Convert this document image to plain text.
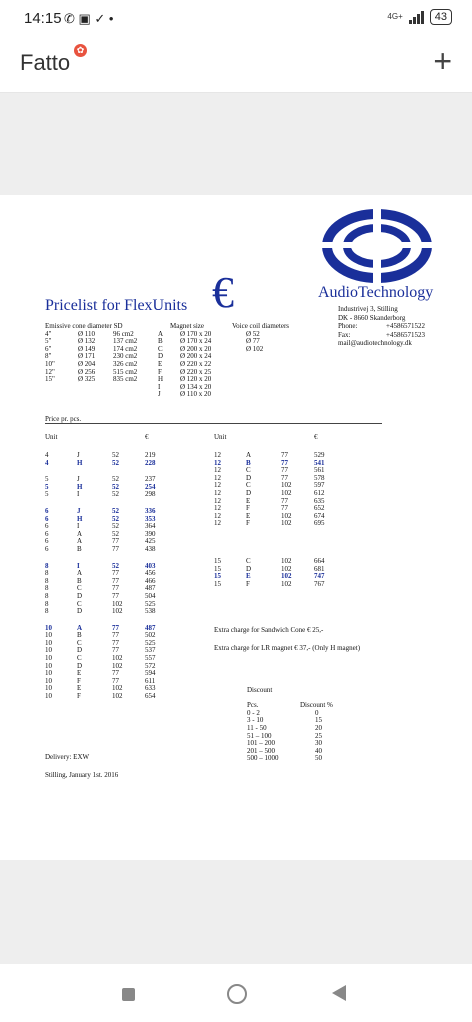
14:15 ✆ ▣ ✓ •	4G+	43
Fatto ✿	+
AudioTechnology
Industrivej 3, Stilling
DK - 8660 Skanderborg
Phone:	+4586571522
Fax:	+4586571523
mail@audiotechnology.dk
€
Pricelist for FlexUnits
Emissive cone diameter SD
4"	Ø 110	96 cm2
5"	Ø 132	137 cm2
6"	Ø 149	174 cm2
8"	Ø 171	230 cm2
10"	Ø 204	326 cm2
12"	Ø 256	515 cm2
15"	Ø 325	835 cm2
Magnet size
A Ø 170 x 20
B Ø 170 x 24
C Ø 200 x 20
D Ø 200 x 24
E	Ø 220 x 22
F	Ø 220 x 25
H Ø 120 x 20
I	Ø 134 x 20
J	Ø 110 x 20
Voice coil diameters
Ø 52
Ø 77
Ø 102
Price pr. pcs.
Unit	€	Unit	€
4	J	52	219
4	H	52	228
5	J	52	237
5	H	52	254
5	I	52	298
6	J	52	336
6	H	52	353
6	I	52	364
6	A	52	390
6	A	77	425
6	B	77	438
8	I	52	403
8	A	77	456
8	B	77	466
8	C	77	487
8	D	77	504
8	C	102	525
8	D	102	538
10	A	77	487
10	B	77	502
10	C	77	525
10	D	77	537
10	C	102	557
10	D	102	572
10	E	77	594
10	F	77	611
10	E	102	633
10	F	102	654
12	A	77	529
12	B	77	541
12	C	77	561
12	D	77	578
12	C	102	597
12	D	102	612
12	E	77	635
12	F	77	652
12	E	102	674
12	F	102	695
15	C	102	664
15	D	102	681
15	E	102	747
15	F	102	767
Extra charge for Sandwich Cone € 25,-
Extra charge for LR magnet € 37,- (Only H magnet)
Discount
Pcs.	Discount %
0 - 2	0
3 - 10	15
11 - 50	20
51 – 100	25
101 – 200	30
201 – 500	40
500 – 1000	50
Delivery: EXW
Stilling, January 1st. 2016
